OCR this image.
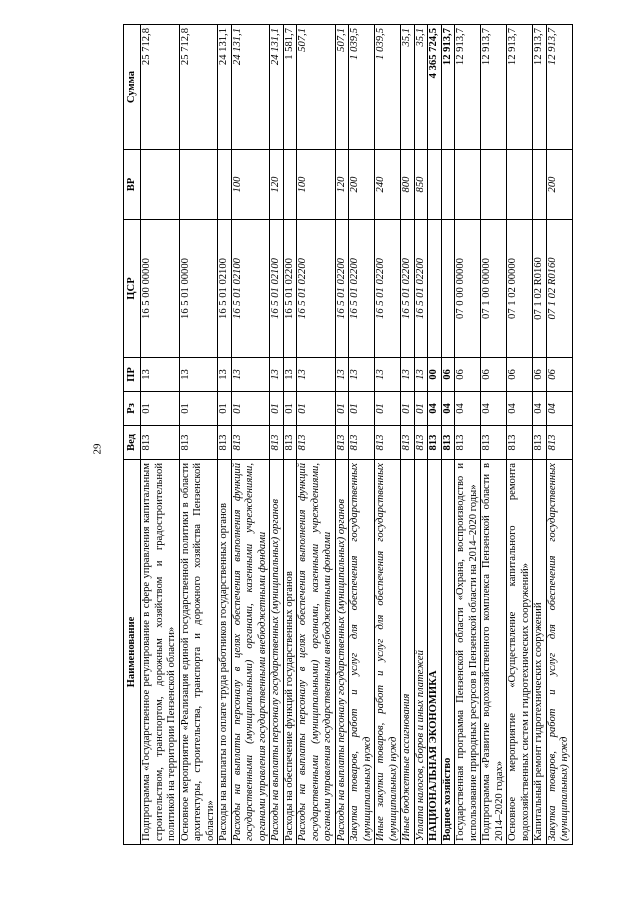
29
Наименование	Вед	Рз	ПР	ЦСР	ВР	Сумма
Подпрограмма «Государственное регулирование в сфере управления капитальным строительством, транспортом, дорожным хозяйством и градостроительной политикой на территории Пензенской области»	813	01	13	16 5 00 00000		25 712,8
Основное мероприятие «Реализация единой государственной политики в области архитектуры, строительства, транспорта и дорожного хозяйства Пензенской области»	813	01	13	16 5 01 00000		25 712,8
Расходы на выплаты по оплате труда работников государственных органов	813	01	13	16 5 01 02100		24 131,1
Расходы на выплаты персоналу в целях обеспечения выполнения функций государственными (муниципальными) органами, казенными учреждениями, органами управления государственными внебюджетными фондами	813	01	13	16 5 01 02100	100	24 131,1
Расходы на выплаты персоналу государственных (муниципальных) органов	813	01	13	16 5 01 02100	120	24 131,1
Расходы на обеспечение функций государственных органов	813	01	13	16 5 01 02200		1 581,7
Расходы на выплаты персоналу в целях обеспечения выполнения функций государственными (муниципальными) органами, казенными учреждениями, органами управления государственными внебюджетными фондами	813	01	13	16 5 01 02200	100	507,1
Расходы на выплаты персоналу государственных (муниципальных) органов	813	01	13	16 5 01 02200	120	507,1
Закупка товаров, работ и услуг для обеспечения государственных (муниципальных) нужд	813	01	13	16 5 01 02200	200	1 039,5
Иные закупки товаров, работ и услуг для обеспечения государственных (муниципальных) нужд	813	01	13	16 5 01 02200	240	1 039,5
Иные бюджетные ассигнования	813	01	13	16 5 01 02200	800	35,1
Уплата налогов, сборов и иных платежей	813	01	13	16 5 01 02200	850	35,1
НАЦИОНАЛЬНАЯ ЭКОНОМИКА	813	04	00			4 365 724,5
Водное хозяйство	813	04	06			12 913,7
Государственная программа Пензенской области «Охрана, воспроизводство и использование природных ресурсов в Пензенской области на 2014–2020 годы»	813	04	06	07 0 00 00000		12 913,7
Подпрограмма «Развитие водохозяйственного комплекса Пензенской области в 2014–2020 годах»	813	04	06	07 1 00 00000		12 913,7
Основное мероприятие «Осуществление капитального ремонта водохозяйственных систем и гидротехнических сооружений»	813	04	06	07 1 02 00000		12 913,7
Капитальный ремонт гидротехнических сооружений	813	04	06	07 1 02 R0160		12 913,7
Закупка товаров, работ и услуг для обеспечения государственных (муниципальных) нужд	813	04	06	07 1 02 R0160	200	12 913,7
